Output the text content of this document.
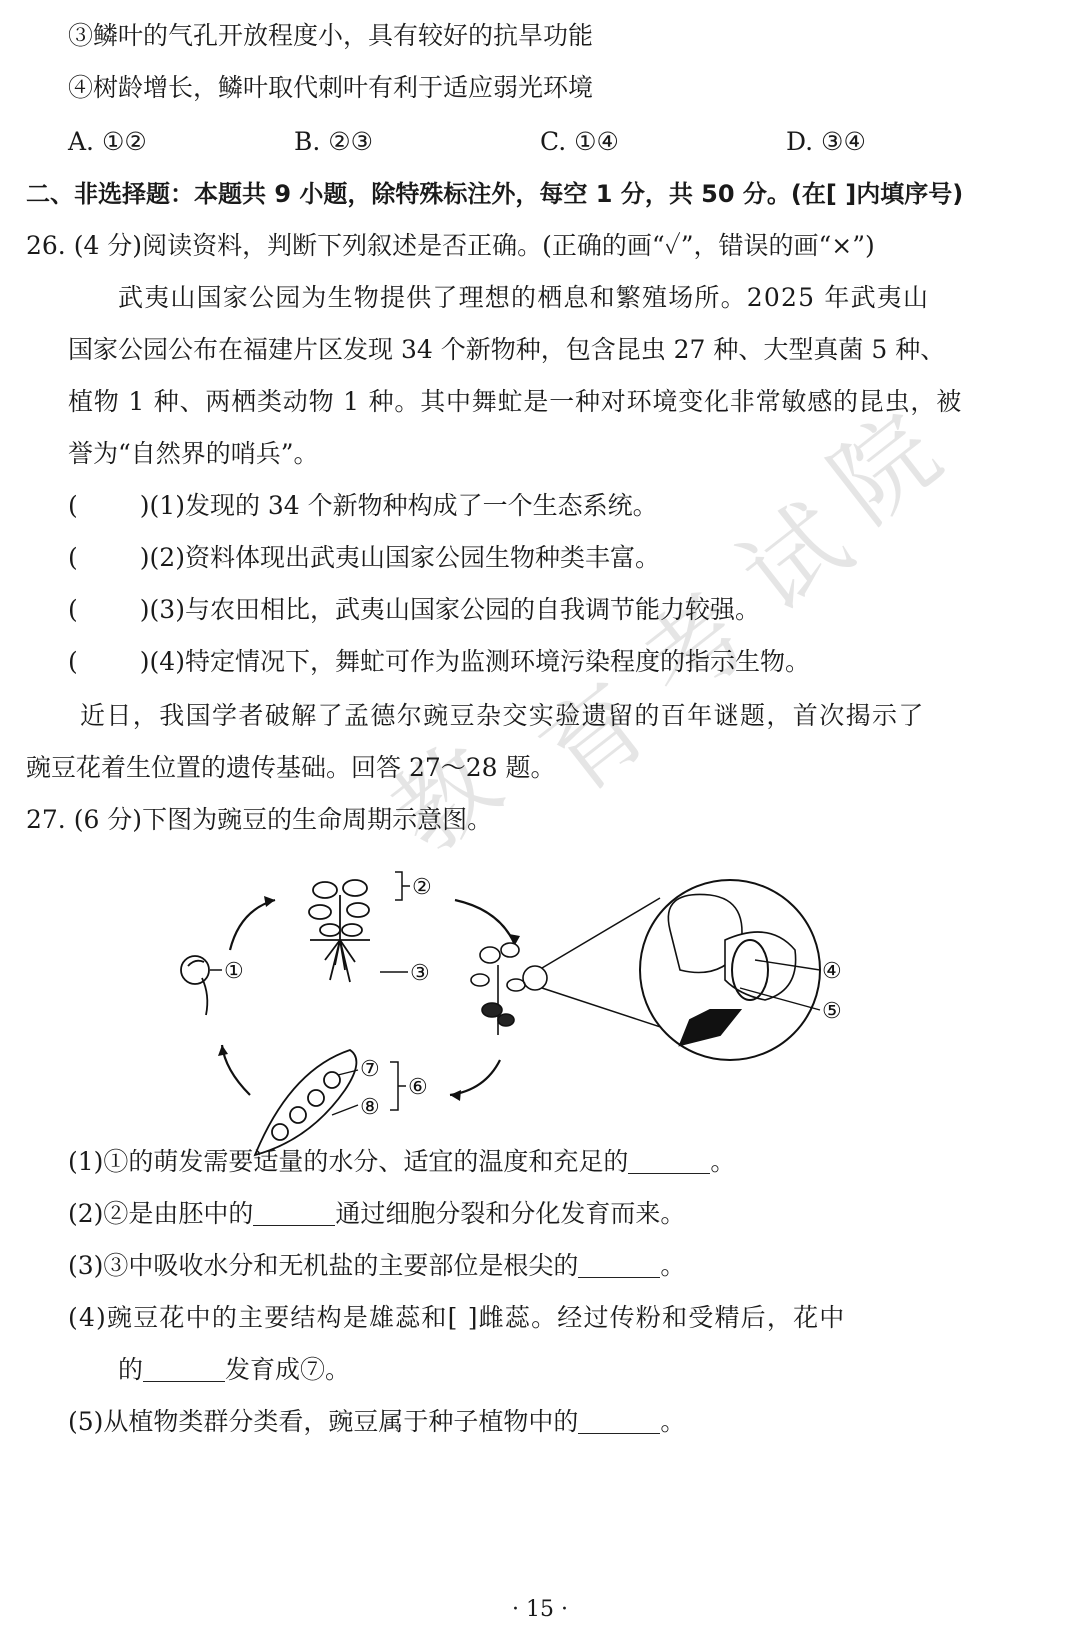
教 育
考
试
院
③鳞叶的气孔开放程度小，具有较好的抗旱功能
④树龄增长，鳞叶取代刺叶有利于适应弱光环境
A. ①②	B. ②③	C. ①④	D. ③④
二、非选择题：本题共 9 小题，除特殊标注外，每空 1 分，共 50 分。(在[ ]内填序号)
26. (4 分)阅读资料，判断下列叙述是否正确。(正确的画“✓”，错误的画“×”)
武夷山国家公园为生物提供了理想的栖息和繁殖场所。2025 年武夷山
国家公园公布在福建片区发现 34 个新物种，包含昆虫 27 种、大型真菌 5 种、
植物 1 种、两栖类动物 1 种。其中舞虻是一种对环境变化非常敏感的昆虫，被
誉为“自然界的哨兵”。
( )(1)发现的 34 个新物种构成了一个生态系统。
( )(2)资料体现出武夷山国家公园生物种类丰富。
( )(3)与农田相比，武夷山国家公园的自我调节能力较强。
( )(4)特定情况下，舞虻可作为监测环境污染程度的指示生物。
近日，我国学者破解了孟德尔豌豆杂交实验遗留的百年谜题，首次揭示了
豌豆花着生位置的遗传基础。回答 27～28 题。
27. (6 分)下图为豌豆的生命周期示意图。
①
②
③	④
⑤
⑥
⑦
⑧
(1)①的萌发需要适量的水分、适宜的温度和充足的	。
(2)②是由胚中的	通过细胞分裂和分化发育而来。
(3)③中吸收水分和无机盐的主要部位是根尖的	。
(4)豌豆花中的主要结构是雄蕊和[ ]雌蕊。经过传粉和受精后，花中
的	发育成⑦。
(5)从植物类群分类看，豌豆属于种子植物中的	。
· 15 ·
